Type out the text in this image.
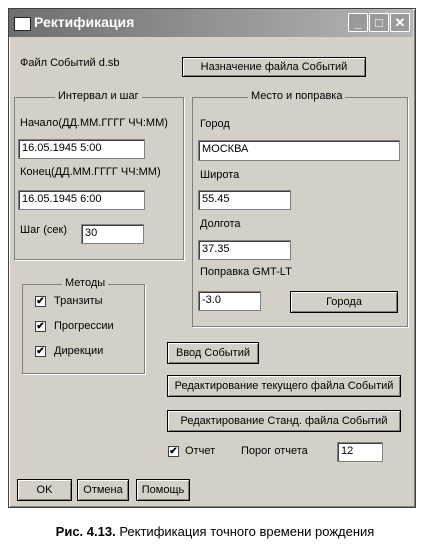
Ректификация	_	□ ✕
Файл Событий d.sb	Назначение файла Событий
Интервал и шаг
Начало(ДД.ММ.ГГГГ ЧЧ:ММ)
16.05.1945 5:00
Конец(ДД.ММ.ГГГГ ЧЧ:ММ)
16.05.1945 6:00
Шаг (сек)	30
Место и поправка
Город
МОСКВА
Широта
55.45
Долгота
37.35
Поправка GMT-LT
-3.0	Города
Методы
✔ Транзиты
✔ Прогрессии
✔ Дирекции	Ввод Событий
Редактирование текущего файла Событий
Редактирование Станд. файла Событий
✔ Отчет Порог отчета	12
OK	Отмена	Помощь
Рис. 4.13. Ректификация точного времени рождения
